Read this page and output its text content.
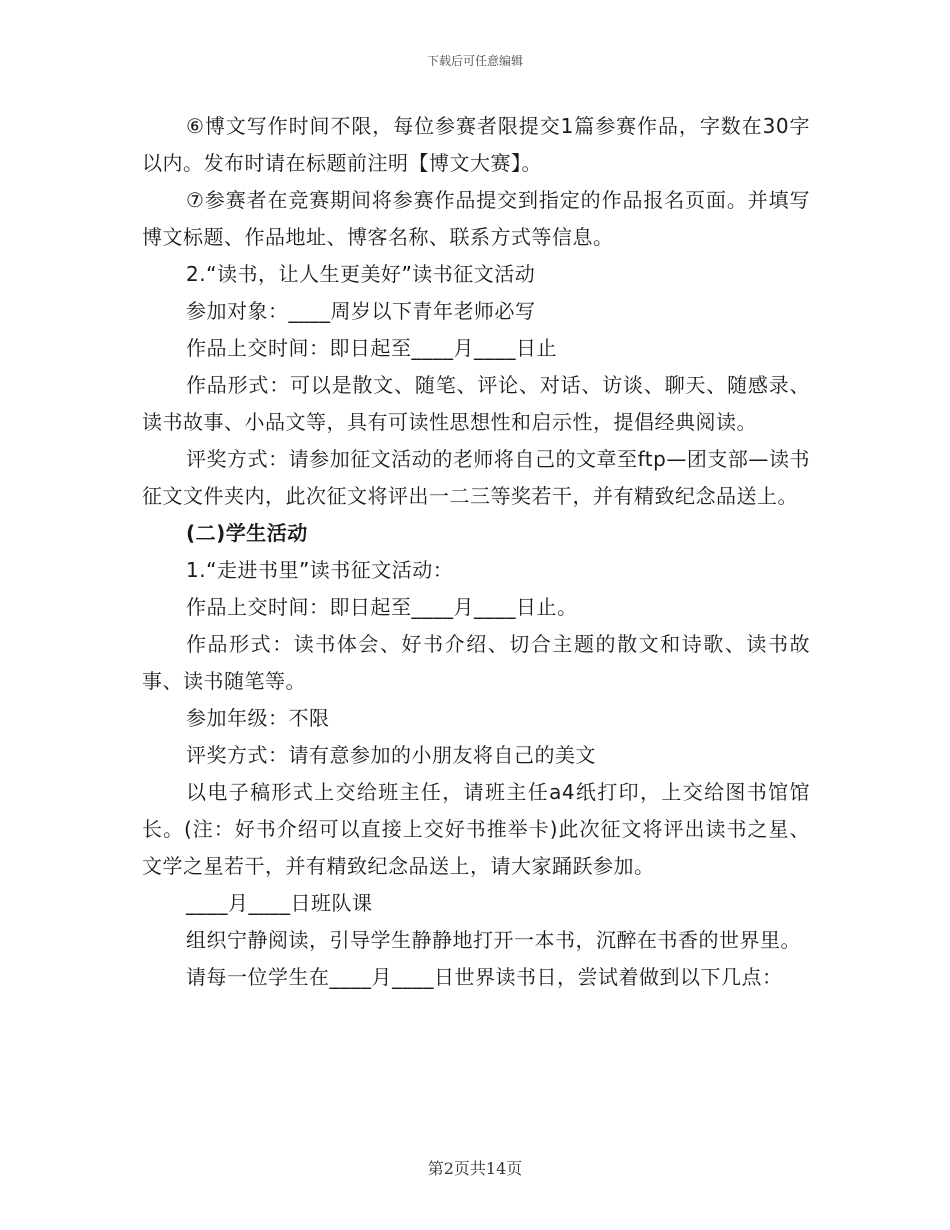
下载后可任意编辑

⑥博文写作时间不限，每位参赛者限提交1篇参赛作品，字数在30字以内。发布时请在标题前注明【博文大赛】。

⑦参赛者在竞赛期间将参赛作品提交到指定的作品报名页面。并填写博文标题、作品地址、博客名称、联系方式等信息。

2.“读书，让人生更美好”读书征文活动

参加对象：____周岁以下青年老师必写

作品上交时间：即日起至____月____日止

作品形式：可以是散文、随笔、评论、对话、访谈、聊天、随感录、读书故事、小品文等，具有可读性思想性和启示性，提倡经典阅读。

评奖方式：请参加征文活动的老师将自己的文章至ftp—团支部—读书征文文件夹内，此次征文将评出一二三等奖若干，并有精致纪念品送上。

(二)学生活动

1.“走进书里”读书征文活动：

作品上交时间：即日起至____月____日止。

作品形式：读书体会、好书介绍、切合主题的散文和诗歌、读书故事、读书随笔等。

参加年级：不限

评奖方式：请有意参加的小朋友将自己的美文

以电子稿形式上交给班主任，请班主任a4纸打印，上交给图书馆馆长。(注：好书介绍可以直接上交好书推举卡)此次征文将评出读书之星、文学之星若干，并有精致纪念品送上，请大家踊跃参加。

____月____日班队课

组织宁静阅读，引导学生静静地打开一本书，沉醉在书香的世界里。

请每一位学生在____月____日世界读书日，尝试着做到以下几点：

第2页共14页
